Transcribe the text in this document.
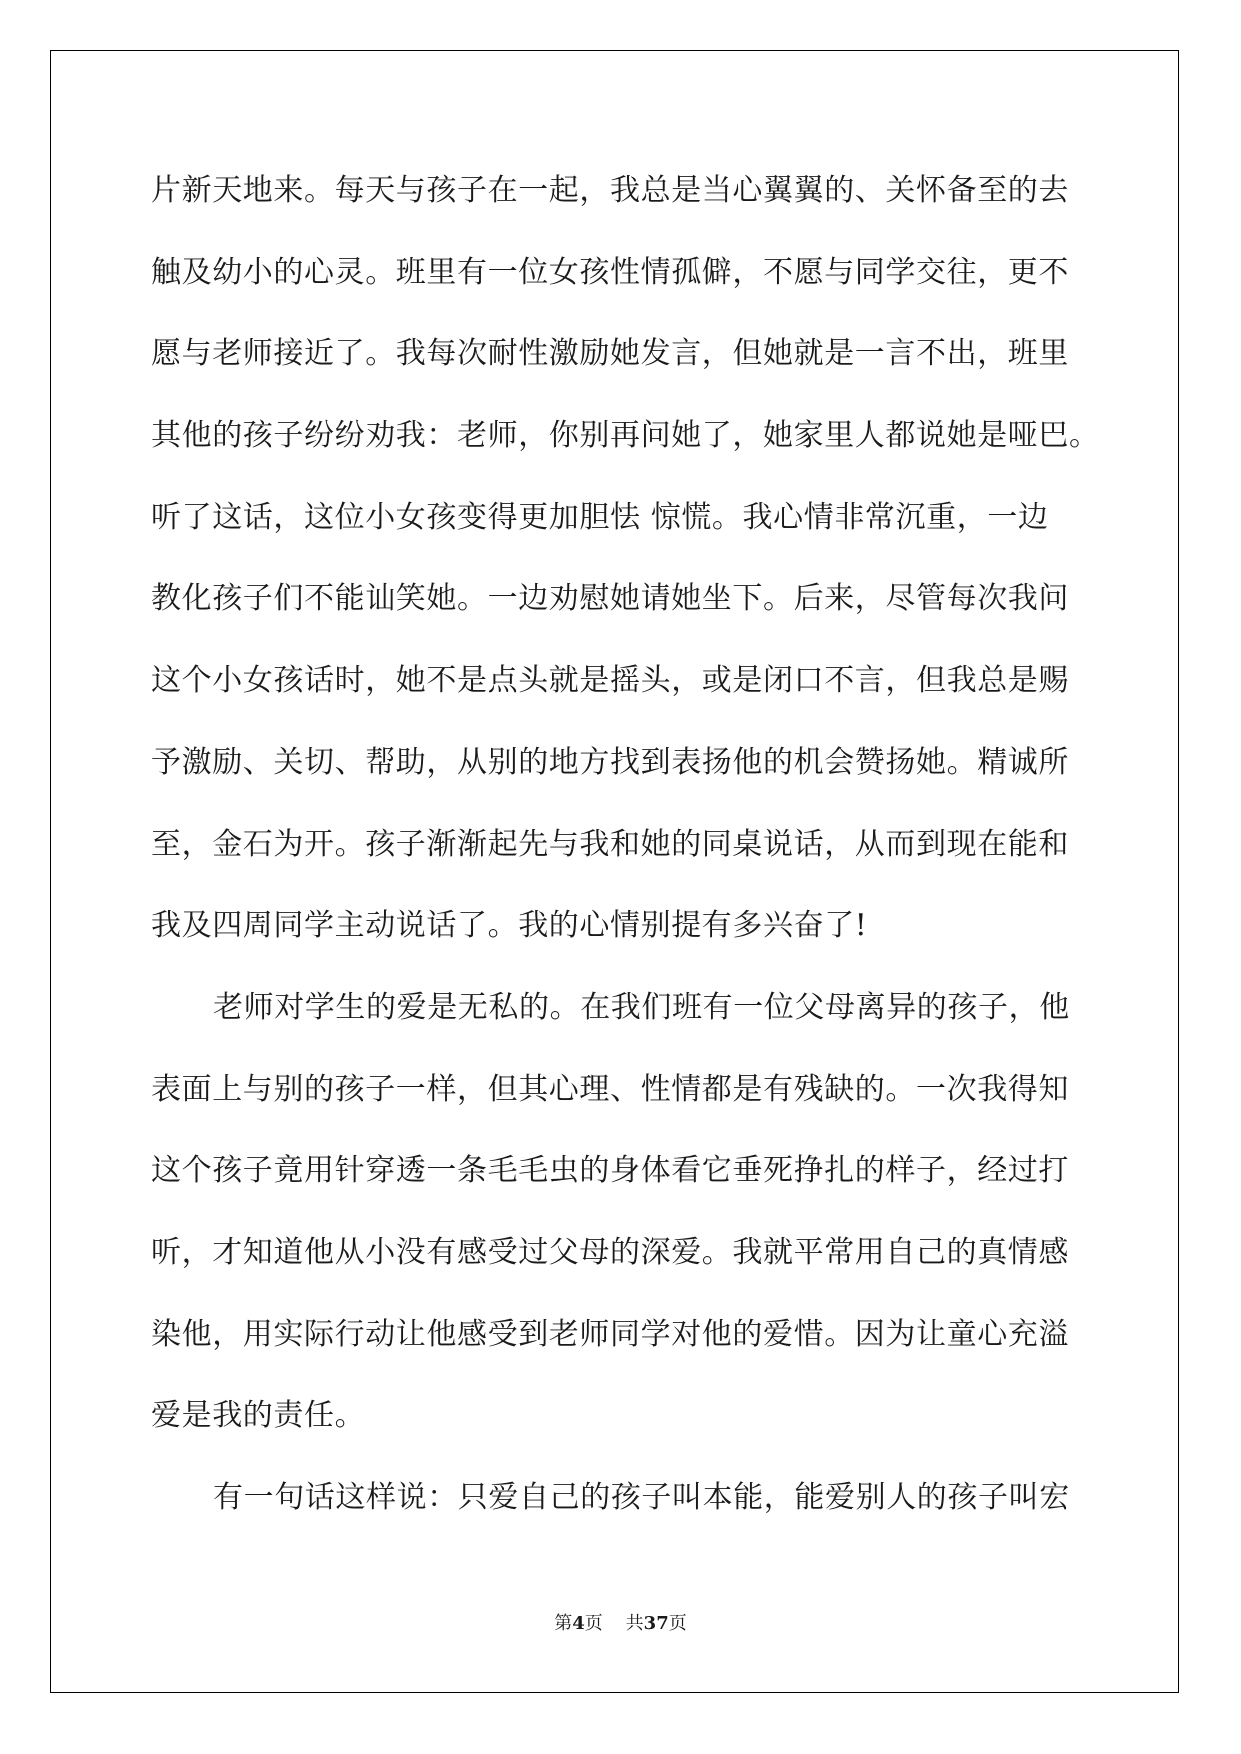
片新天地来。每天与孩子在一起，我总是当心翼翼的、关怀备至的去
触及幼小的心灵。班里有一位女孩性情孤僻，不愿与同学交往，更不
愿与老师接近了。我每次耐性激励她发言，但她就是一言不出，班里
其他的孩子纷纷劝我：老师，你别再问她了，她家里人都说她是哑巴。
听了这话，这位小女孩变得更加胆怯 惊慌。我心情非常沉重，一边
教化孩子们不能讪笑她。一边劝慰她请她坐下。后来，尽管每次我问
这个小女孩话时，她不是点头就是摇头，或是闭口不言，但我总是赐
予激励、关切、帮助，从别的地方找到表扬他的机会赞扬她。精诚所
至，金石为开。孩子渐渐起先与我和她的同桌说话，从而到现在能和
我及四周同学主动说话了。我的心情别提有多兴奋了!
老师对学生的爱是无私的。在我们班有一位父母离异的孩子，他
表面上与别的孩子一样，但其心理、性情都是有残缺的。一次我得知
这个孩子竟用针穿透一条毛毛虫的身体看它垂死挣扎的样子，经过打
听，才知道他从小没有感受过父母的深爱。我就平常用自己的真情感
染他，用实际行动让他感受到老师同学对他的爱惜。因为让童心充溢
爱是我的责任。
有一句话这样说：只爱自己的孩子叫本能，能爱别人的孩子叫宏
第4页 共37页
